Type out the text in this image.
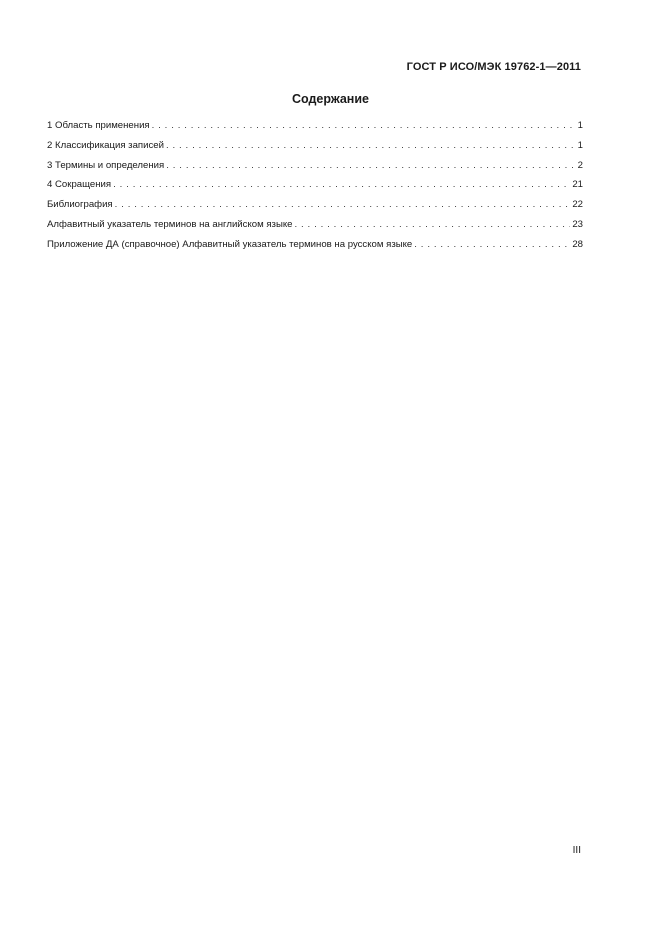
ГОСТ Р ИСО/МЭК 19762-1—2011
Содержание
1 Область применения . . .	1
2 Классификация записей . . .	1
3 Термины и определения . . .	2
4 Сокращения . . .	21
Библиография . . .	22
Алфавитный указатель терминов на английском языке . . .	23
Приложение ДА (справочное) Алфавитный указатель терминов на русском языке . . .	28
III
